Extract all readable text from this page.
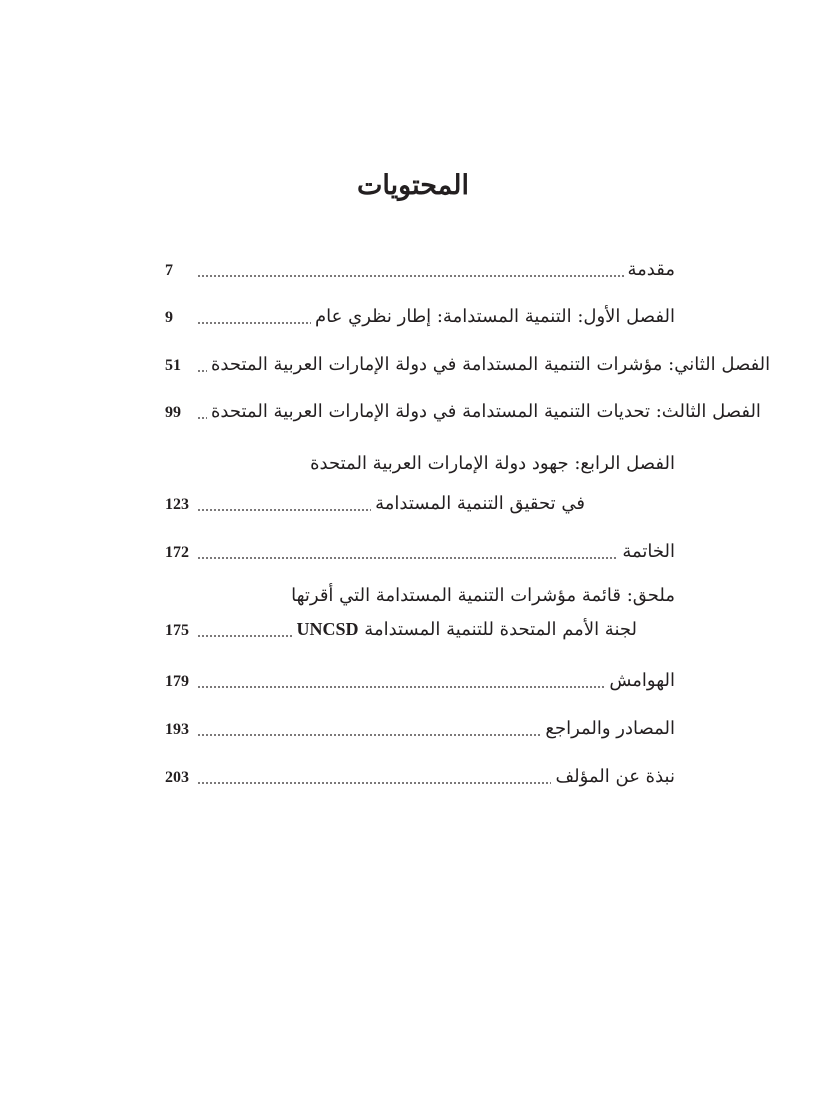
المحتويات
7	مقدمة
9	الفصل الأول: التنمية المستدامة: إطار نظري عام
51	الفصل الثاني: مؤشرات التنمية المستدامة في دولة الإمارات العربية المتحدة
99	الفصل الثالث: تحديات التنمية المستدامة في دولة الإمارات العربية المتحدة
الفصل الرابع: جهود دولة الإمارات العربية المتحدة
123	في تحقيق التنمية المستدامة
172	الخاتمة
ملحق: قائمة مؤشرات التنمية المستدامة التي أقرتها
175	لجنة الأمم المتحدة للتنمية المستدامة UNCSD
179	الهوامش
193	المصادر والمراجع
203	نبذة عن المؤلف
